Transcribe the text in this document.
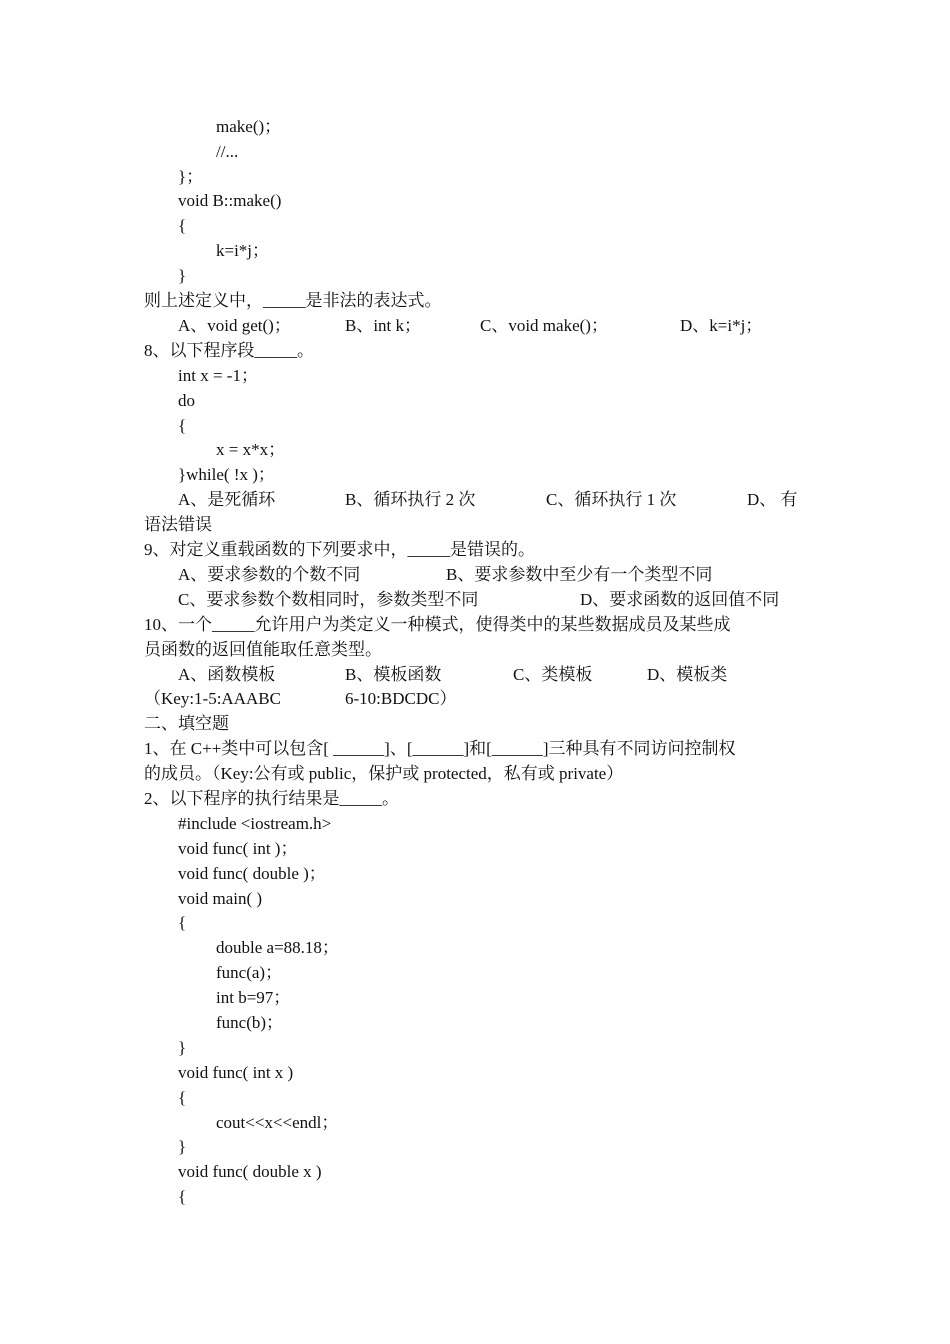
make()；
//...
}；
void B::make()
{
k=i*j；
}
则上述定义中，_____是非法的表达式。
A、void get()；	B、int k；	C、void make()；	D、k=i*j；
8、以下程序段_____。
int x = -1；
do
{
x = x*x；
}while( !x )；
A、是死循环	B、循环执行 2 次	C、循环执行 1 次	D、 有
语法错误
9、对定义重载函数的下列要求中，_____是错误的。
A、要求参数的个数不同	B、要求参数中至少有一个类型不同
C、要求参数个数相同时，参数类型不同	D、要求函数的返回值不同
10、一个_____允许用户为类定义一种模式，使得类中的某些数据成员及某些成
员函数的返回值能取任意类型。
A、函数模板	B、模板函数	C、类模板	D、模板类
（Key:1-5:AAABC	6-10:BDCDC）
二、填空题
1、在 C++类中可以包含[ ______]、[______]和[______]三种具有不同访问控制权
的成员。（Key:公有或 public，保护或 protected，私有或 private）
2、以下程序的执行结果是_____。
#include <iostream.h>
void func( int )；
void func( double )；
void main( )
{
double a=88.18；
func(a)；
int b=97；
func(b)；
}
void func( int x )
{
cout<<x<<endl；
}
void func( double x )
{
